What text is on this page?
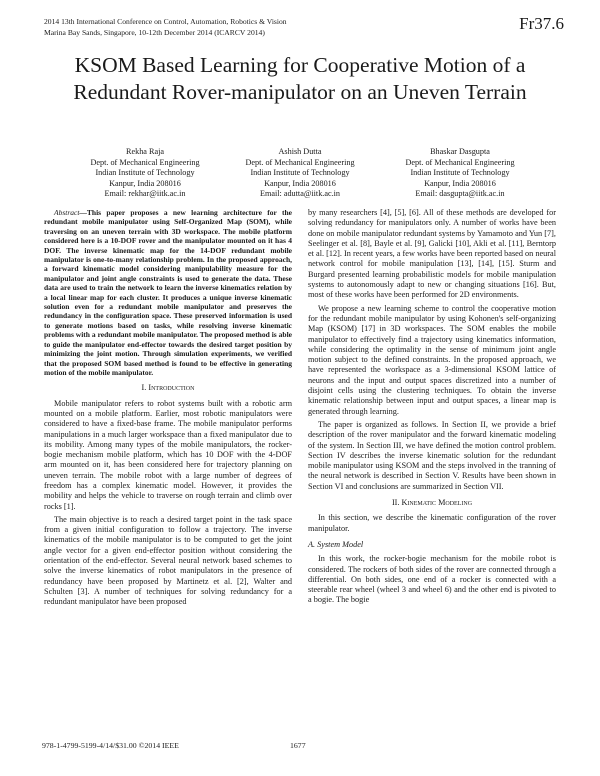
2014 13th International Conference on Control, Automation, Robotics & Vision
Marina Bay Sands, Singapore, 10-12th December 2014 (ICARCV 2014)	Fr37.6
KSOM Based Learning for Cooperative Motion of a
Redundant Rover-manipulator on an Uneven Terrain
Rekha Raja
Dept. of Mechanical Engineering
Indian Institute of Technology
Kanpur, India 208016
Email: rekhar@iitk.ac.in
Ashish Dutta
Dept. of Mechanical Engineering
Indian Institute of Technology
Kanpur, India 208016
Email: adutta@iitk.ac.in
Bhaskar Dasgupta
Dept. of Mechanical Engineering
Indian Institute of Technology
Kanpur, India 208016
Email: dasgupta@iitk.ac.in
Abstract—This paper proposes a new learning architecture for the redundant mobile manipulator using Self-Organized Map (SOM), while traversing on an uneven terrain with 3D workspace. The mobile platform considered here is a 10-DOF rover and the manipulator mounted on it has 4 DOF. The inverse kinematic map for the 14-DOF redundant mobile manipulator is one-to-many relationship problem. In the proposed approach, a forward kinematic model considering manipulability measure for the manipulator and joint angle constraints is used to generate the data. These data are used to train the network to learn the inverse kinematics relation by a local linear map for each cluster. It produces a unique inverse kinematic solution even for a redundant mobile manipulator and preserves the redundancy in the configuration space. These preserved information is used to generate motions based on tasks, while resolving inverse kinematic problems with a redundant mobile manipulator. The proposed method is able to guide the manipulator end-effector towards the desired target position by minimizing the joint motion. Through simulation experiments, we verified that the proposed SOM based method is found to be effective in generating motion of the mobile manipulator.
I. Introduction

Mobile manipulator refers to robot systems built with a robotic arm mounted on a mobile platform. Earlier, most robotic manipulators were considered to have a fixed-base frame. The mobile manipulator performs manipulations in a much larger workspace than a fixed manipulator due to its mobility. Among many types of the mobile manipulators, the rocker-bogie mechanism mobile platform, which has 10 DOF with the 4-DOF arm mounted on it, has been considered here for trajectory planning on uneven terrain. The mobile robot with a large number of degrees of freedom has a complex kinematic model. However, it provides the mobility and helps the vehicle to traverse on rough terrain and climb over rocks [1].

The main objective is to reach a desired target point in the task space from a given initial configuration to follow a trajectory. The inverse kinematics of the mobile manipulator is to be computed to get the joint angle vector for a given end-effector position without considering the orientation of the end-effector. Several neural network based schemes to solve the inverse kinematics of robot manipulators in the presence of redundancy have been proposed by Martinetz et al. [2], Walter and Schulten [3]. A number of techniques for solving redundancy for a redundant manipulator have been proposed

by many researchers [4], [5], [6]. All of these methods are developed for solving redundancy for manipulators only. A number of works have been done on mobile manipulator redundant systems by Yamamoto and Yun [7], Seelinger et al. [8], Bayle et al. [9], Galicki [10], Akli et al. [11], Berntorp et al. [12]. In recent years, a few works have been reported based on neural network control for mobile manipulation [13], [14], [15]. Sturm and Burgard presented learning probabilistic models for mobile manipulation systems to autonomously adapt to new or changing situations [16]. But, most of these works have been performed for 2D environments.

We propose a new learning scheme to control the cooperative motion for the redundant mobile manipulator by using Kohonen's self-organizing Map (KSOM) [17] in 3D workspaces. The SOM enables the mobile manipulator to effectively find a trajectory using kinematics information, while considering the optimality in the sense of minimum joint angle motion subject to the defined constraints. In the proposed approach, we have represented the workspace as a 3-dimensional KSOM lattice of neurons and the input and output spaces discretized into a number of disjoint cells using the clustering techniques. To obtain the inverse kinematic relationship between input and output spaces, a linear map is generated through learning.

The paper is organized as follows. In Section II, we provide a brief description of the rover manipulator and the forward kinematic modeling of the system. In Section III, we have defined the motion control problem. Section IV describes the inverse kinematic solution for the redundant mobile manipulator using KSOM and the steps involved in the tranning of the neural network is described in Section V. Results have been shown in Section VI and conclusions are summarized in Section VII.

II. Kinematic Modeling

In this section, we describe the kinematic configuration of the rover manipulator.

A. System Model

In this work, the rocker-bogie mechanism for the mobile robot is considered. The rockers of both sides of the rover are connected through a differential. On both sides, one end of a rocker is connected with a steerable rear wheel (wheel 3 and wheel 6) and the other end is pivoted to a bogie. The bogie

978-1-4799-5199-4/14/$31.00 ©2014 IEEE	1677
